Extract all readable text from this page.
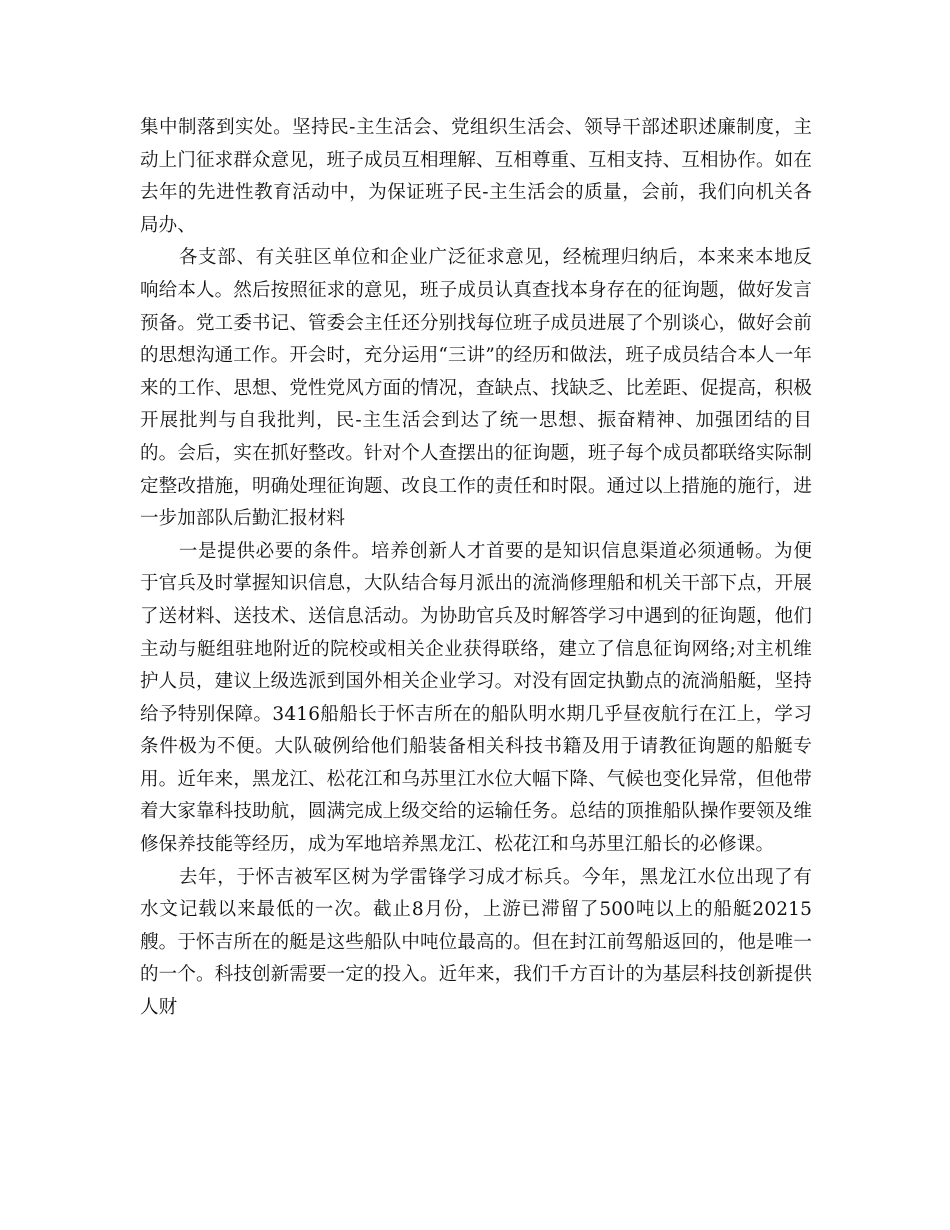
集中制落到实处。坚持民-主生活会、党组织生活会、领导干部述职述廉制度，主动上门征求群众意见，班子成员互相理解、互相尊重、互相支持、互相协作。如在去年的先进性教育活动中，为保证班子民-主生活会的质量，会前，我们向机关各局办、

各支部、有关驻区单位和企业广泛征求意见，经梳理归纳后，本来来本地反响给本人。然后按照征求的意见，班子成员认真查找本身存在的征询题，做好发言预备。党工委书记、管委会主任还分别找每位班子成员进展了个别谈心，做好会前的思想沟通工作。开会时，充分运用“三讲”的经历和做法，班子成员结合本人一年来的工作、思想、党性党风方面的情况，查缺点、找缺乏、比差距、促提高，积极开展批判与自我批判，民-主生活会到达了统一思想、振奋精神、加强团结的目的。会后，实在抓好整改。针对个人查摆出的征询题，班子每个成员都联络实际制定整改措施，明确处理征询题、改良工作的责任和时限。通过以上措施的施行，进一步加部队后勤汇报材料

一是提供必要的条件。培养创新人才首要的是知识信息渠道必须通畅。为便于官兵及时掌握知识信息，大队结合每月派出的流淌修理船和机关干部下点，开展了送材料、送技术、送信息活动。为协助官兵及时解答学习中遇到的征询题，他们主动与艇组驻地附近的院校或相关企业获得联络，建立了信息征询网络;对主机维护人员，建议上级选派到国外相关企业学习。对没有固定执勤点的流淌船艇，坚持给予特别保障。3416船船长于怀吉所在的船队明水期几乎昼夜航行在江上，学习条件极为不便。大队破例给他们船装备相关科技书籍及用于请教征询题的船艇专用。近年来，黑龙江、松花江和乌苏里江水位大幅下降、气候也变化异常，但他带着大家靠科技助航，圆满完成上级交给的运输任务。总结的顶推船队操作要领及维修保养技能等经历，成为军地培养黑龙江、松花江和乌苏里江船长的必修课。

去年，于怀吉被军区树为学雷锋学习成才标兵。今年，黑龙江水位出现了有水文记载以来最低的一次。截止8月份，上游已滞留了500吨以上的船艇20215艘。于怀吉所在的艇是这些船队中吨位最高的。但在封江前驾船返回的，他是唯一的一个。科技创新需要一定的投入。近年来，我们千方百计的为基层科技创新提供人财
